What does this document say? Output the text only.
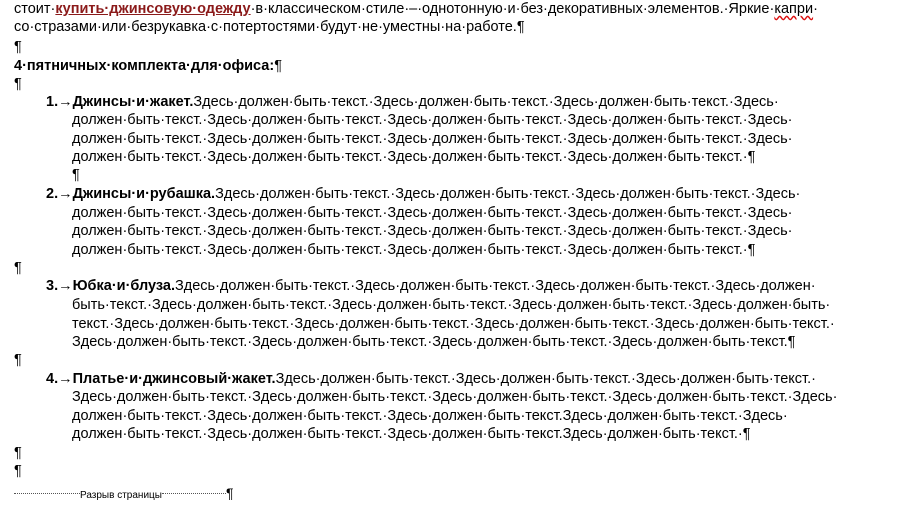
стоит·купить·джинсовую·одежду·в·классическом·стиле·–·однотонную·и·без·декоративных·элементов.·Яркие·капри·
со·стразами·или·безрукавка·с·потертостями·будут·не·уместны·на·работе.¶
¶
4·пятничных·комплекта·для·офиса:¶
¶
1.→Джинсы·и·жакет.Здесь·должен·быть·текст.·Здесь·должен·быть·текст.·Здесь·должен·быть·текст.·Здесь·
должен·быть·текст.·Здесь·должен·быть·текст.·Здесь·должен·быть·текст.·Здесь·должен·быть·текст.·Здесь·
должен·быть·текст.·Здесь·должен·быть·текст.·Здесь·должен·быть·текст.·Здесь·должен·быть·текст.·Здесь·
должен·быть·текст.·Здесь·должен·быть·текст.·Здесь·должен·быть·текст.·Здесь·должен·быть·текст.·¶
¶
2.→Джинсы·и·рубашка.Здесь·должен·быть·текст.·Здесь·должен·быть·текст.·Здесь·должен·быть·текст.·Здесь·
должен·быть·текст.·Здесь·должен·быть·текст.·Здесь·должен·быть·текст.·Здесь·должен·быть·текст.·Здесь·
должен·быть·текст.·Здесь·должен·быть·текст.·Здесь·должен·быть·текст.·Здесь·должен·быть·текст.·Здесь·
должен·быть·текст.·Здесь·должен·быть·текст.·Здесь·должен·быть·текст.·Здесь·должен·быть·текст.·¶
¶
3.→Юбка·и·блуза.Здесь·должен·быть·текст.·Здесь·должен·быть·текст.·Здесь·должен·быть·текст.·Здесь·должен·
быть·текст.·Здесь·должен·быть·текст.·Здесь·должен·быть·текст.·Здесь·должен·быть·текст.·Здесь·должен·быть·
текст.·Здесь·должен·быть·текст.·Здесь·должен·быть·текст.·Здесь·должен·быть·текст.·Здесь·должен·быть·текст.·
Здесь·должен·быть·текст.·Здесь·должен·быть·текст.·Здесь·должен·быть·текст.·Здесь·должен·быть·текст.¶
¶
4.→Платье·и·джинсовый·жакет.Здесь·должен·быть·текст.·Здесь·должен·быть·текст.·Здесь·должен·быть·текст.·
Здесь·должен·быть·текст.·Здесь·должен·быть·текст.·Здесь·должен·быть·текст.·Здесь·должен·быть·текст.·Здесь·
должен·быть·текст.·Здесь·должен·быть·текст.·Здесь·должен·быть·текст.Здесь·должен·быть·текст.·Здесь·
должен·быть·текст.·Здесь·должен·быть·текст.·Здесь·должен·быть·текст.Здесь·должен·быть·текст.·¶
¶
¶
Разрыв страницы	¶
